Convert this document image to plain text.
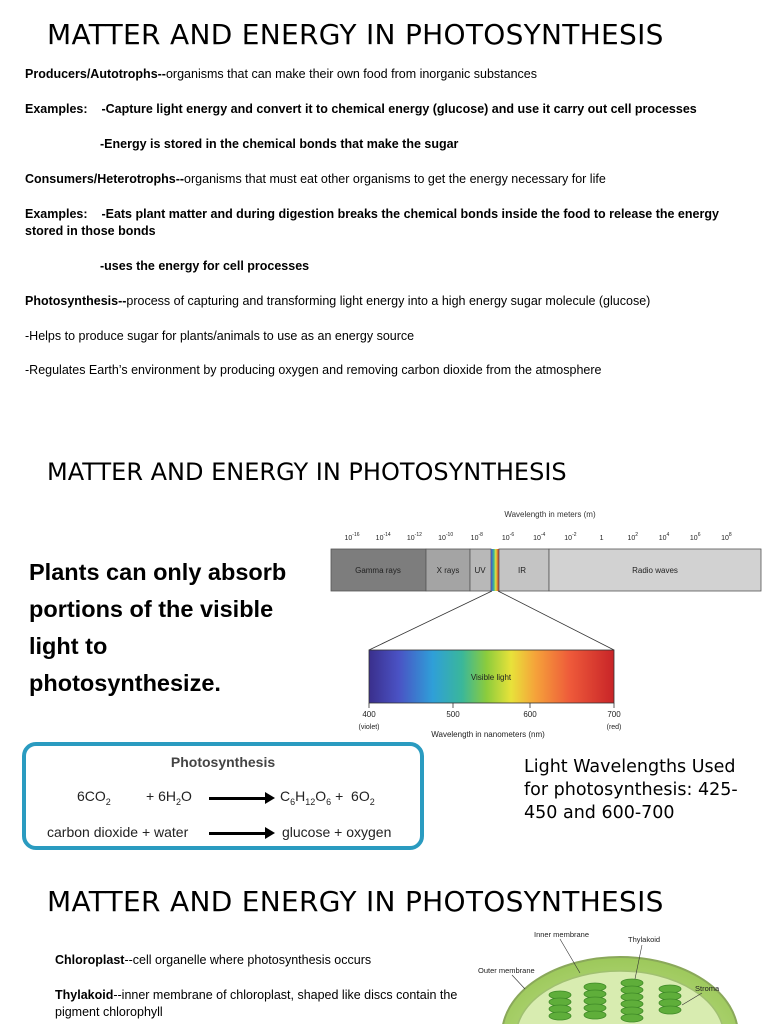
MATTER AND ENERGY IN PHOTOSYNTHESIS
Producers/Autotrophs--organisms that can make their own food from inorganic substances
Examples: -Capture light energy and convert it to chemical energy (glucose) and use it carry out cell processes
-Energy is stored in the chemical bonds that make the sugar
Consumers/Heterotrophs--organisms that must eat other organisms to get the energy necessary for life
Examples: -Eats plant matter and during digestion breaks the chemical bonds inside the food to release the energy stored in those bonds
-uses the energy for cell processes
Photosynthesis--process of capturing and transforming light energy into a high energy sugar molecule (glucose)
-Helps to produce sugar for plants/animals to use as an energy source
-Regulates Earth’s environment by producing oxygen and removing carbon dioxide from the atmosphere
MATTER AND ENERGY IN PHOTOSYNTHESIS
Plants can only absorb portions of the visible light to photosynthesize.
Wavelength in meters (m)
$10^{-16}$ $10^{-14}$ $10^{-12}$ $10^{-10}$	$10^{-8}$	$10^{-6}$	$10^{-4}$	$10^{-2}$	1	$10^2$	$10^4$	$10^6$	$10^8$
Gamma rays	X rays UV	IR	Radio waves
Visible light
400	500	600	700
(violet)	(red)
Wavelength in nanometers (nm)
Photosynthesis
$6CO_2$	+ $6H_2O$	$C_6H_{12}O_6 + 6O_2$
carbon dioxide + water	glucose + oxygen
Light Wavelengths Used for photosynthesis: 425-450 and 600-700
MATTER AND ENERGY IN PHOTOSYNTHESIS
Chloroplast--cell organelle where photosynthesis occurs
Thylakoid--inner membrane of chloroplast, shaped like discs contain the pigment chlorophyll
Inner membrane
Thylakoid
Outer membrane
Stroma
